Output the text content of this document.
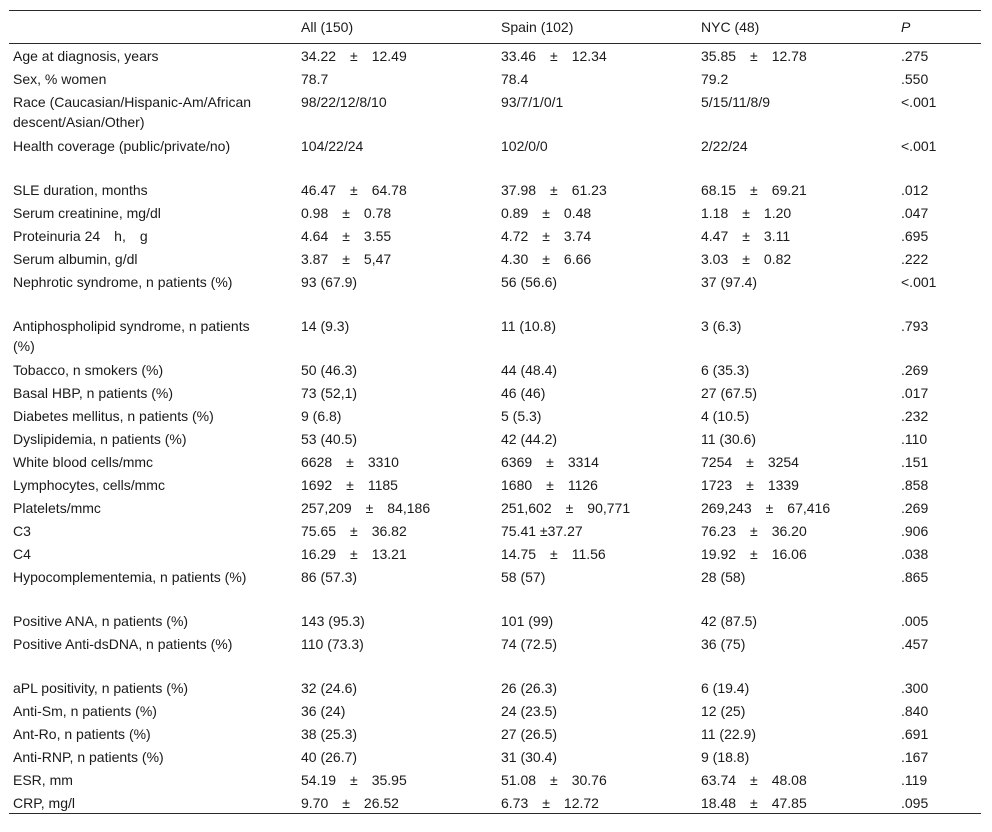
	All (150)	Spain (102)	NYC (48)	P
Age at diagnosis, years	34.22 ± 12.49	33.46 ± 12.34	35.85 ± 12.78	.275
Sex, % women	78.7	78.4	79.2	.550
Race (Caucasian/Hispanic-Am/African descent/Asian/Other)	98/22/12/8/10	93/7/1/0/1	5/15/11/8/9	<.001
Health coverage (public/private/no)	104/22/24	102/0/0	2/22/24	<.001
SLE duration, months	46.47 ± 64.78	37.98 ± 61.23	68.15 ± 69.21	.012
Serum creatinine, mg/dl	0.98 ± 0.78	0.89 ± 0.48	1.18 ± 1.20	.047
Proteinuria 24 h, g	4.64 ± 3.55	4.72 ± 3.74	4.47 ± 3.11	.695
Serum albumin, g/dl	3.87 ± 5,47	4.30 ± 6.66	3.03 ± 0.82	.222
Nephrotic syndrome, n patients (%)	93 (67.9)	56 (56.6)	37 (97.4)	<.001
Antiphospholipid syndrome, n patients (%)	14 (9.3)	11 (10.8)	3 (6.3)	.793
Tobacco, n smokers (%)	50 (46.3)	44 (48.4)	6 (35.3)	.269
Basal HBP, n patients (%)	73 (52,1)	46 (46)	27 (67.5)	.017
Diabetes mellitus, n patients (%)	9 (6.8)	5 (5.3)	4 (10.5)	.232
Dyslipidemia, n patients (%)	53 (40.5)	42 (44.2)	11 (30.6)	.110
White blood cells/mmc	6628 ± 3310	6369 ± 3314	7254 ± 3254	.151
Lymphocytes, cells/mmc	1692 ± 1185	1680 ± 1126	1723 ± 1339	.858
Platelets/mmc	257,209 ± 84,186	251,602 ± 90,771	269,243 ± 67,416	.269
C3	75.65 ± 36.82	75.41 ±37.27	76.23 ± 36.20	.906
C4	16.29 ± 13.21	14.75 ± 11.56	19.92 ± 16.06	.038
Hypocomplementemia, n patients (%)	86 (57.3)	58 (57)	28 (58)	.865
Positive ANA, n patients (%)	143 (95.3)	101 (99)	42 (87.5)	.005
Positive Anti-dsDNA, n patients (%)	110 (73.3)	74 (72.5)	36 (75)	.457
aPL positivity, n patients (%)	32 (24.6)	26 (26.3)	6 (19.4)	.300
Anti-Sm, n patients (%)	36 (24)	24 (23.5)	12 (25)	.840
Ant-Ro, n patients (%)	38 (25.3)	27 (26.5)	11 (22.9)	.691
Anti-RNP, n patients (%)	40 (26.7)	31 (30.4)	9 (18.8)	.167
ESR, mm	54.19 ± 35.95	51.08 ± 30.76	63.74 ± 48.08	.119
CRP, mg/l	9.70 ± 26.52	6.73 ± 12.72	18.48 ± 47.85	.095
